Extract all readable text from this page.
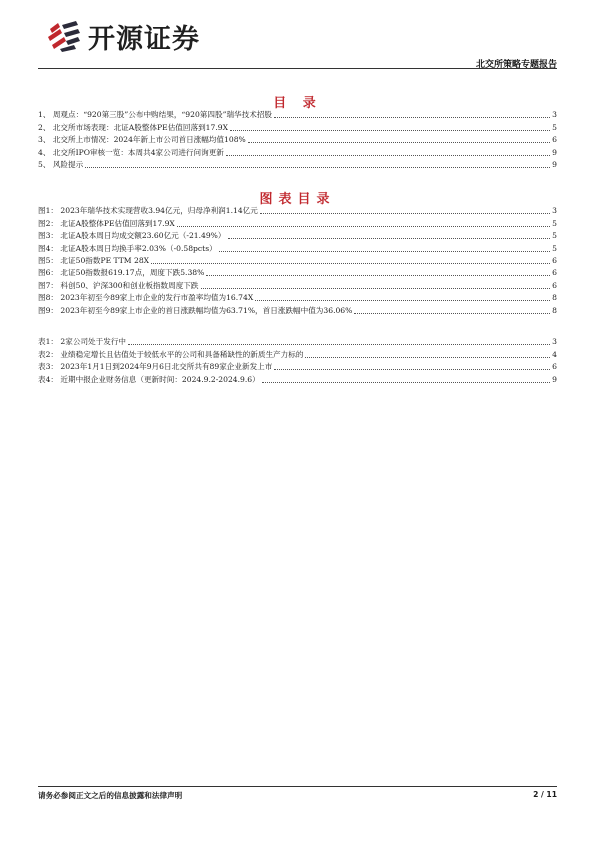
开源证券
北交所策略专题报告
目 录
1、 周观点：“920第三股”公布中购结果，“920第四股”瑞华技术招股	3
2、 北交所市场表现：北证A股整体PE估值回落到17.9X	5
3、 北交所上市情况：2024年新上市公司首日涨幅均值108%	6
4、 北交所IPO审核一览：本周共4家公司进行问询更新	9
5、 风险提示	9
图表目录
图1： 2023年瑞华技术实现营收3.94亿元，归母净利润1.14亿元	3
图2： 北证A股整体PE估值回落到17.9X	5
图3： 北证A股本周日均成交额23.60亿元（-21.49%）	5
图4： 北证A股本周日均换手率2.03%（-0.58pcts）	5
图5： 北证50指数PE TTM 28X	6
图6： 北证50指数报619.17点，周度下跌5.38%	6
图7： 科创50、沪深300和创业板指数周度下跌	6
图8： 2023年初至今89家上市企业的发行市盈率均值为16.74X	8
图9： 2023年初至今89家上市企业的首日涨跌幅均值为63.71%，首日涨跌幅中值为36.06%	8
表1： 2家公司处于发行中	3
表2： 业绩稳定增长且估值处于较低水平的公司和具备稀缺性的新质生产力标的	4
表3： 2023年1月1日到2024年9月6日北交所共有89家企业新发上市	6
表4： 近期中报企业财务信息（更新时间：2024.9.2-2024.9.6）	9
请务必参阅正文之后的信息披露和法律声明	2 / 11
